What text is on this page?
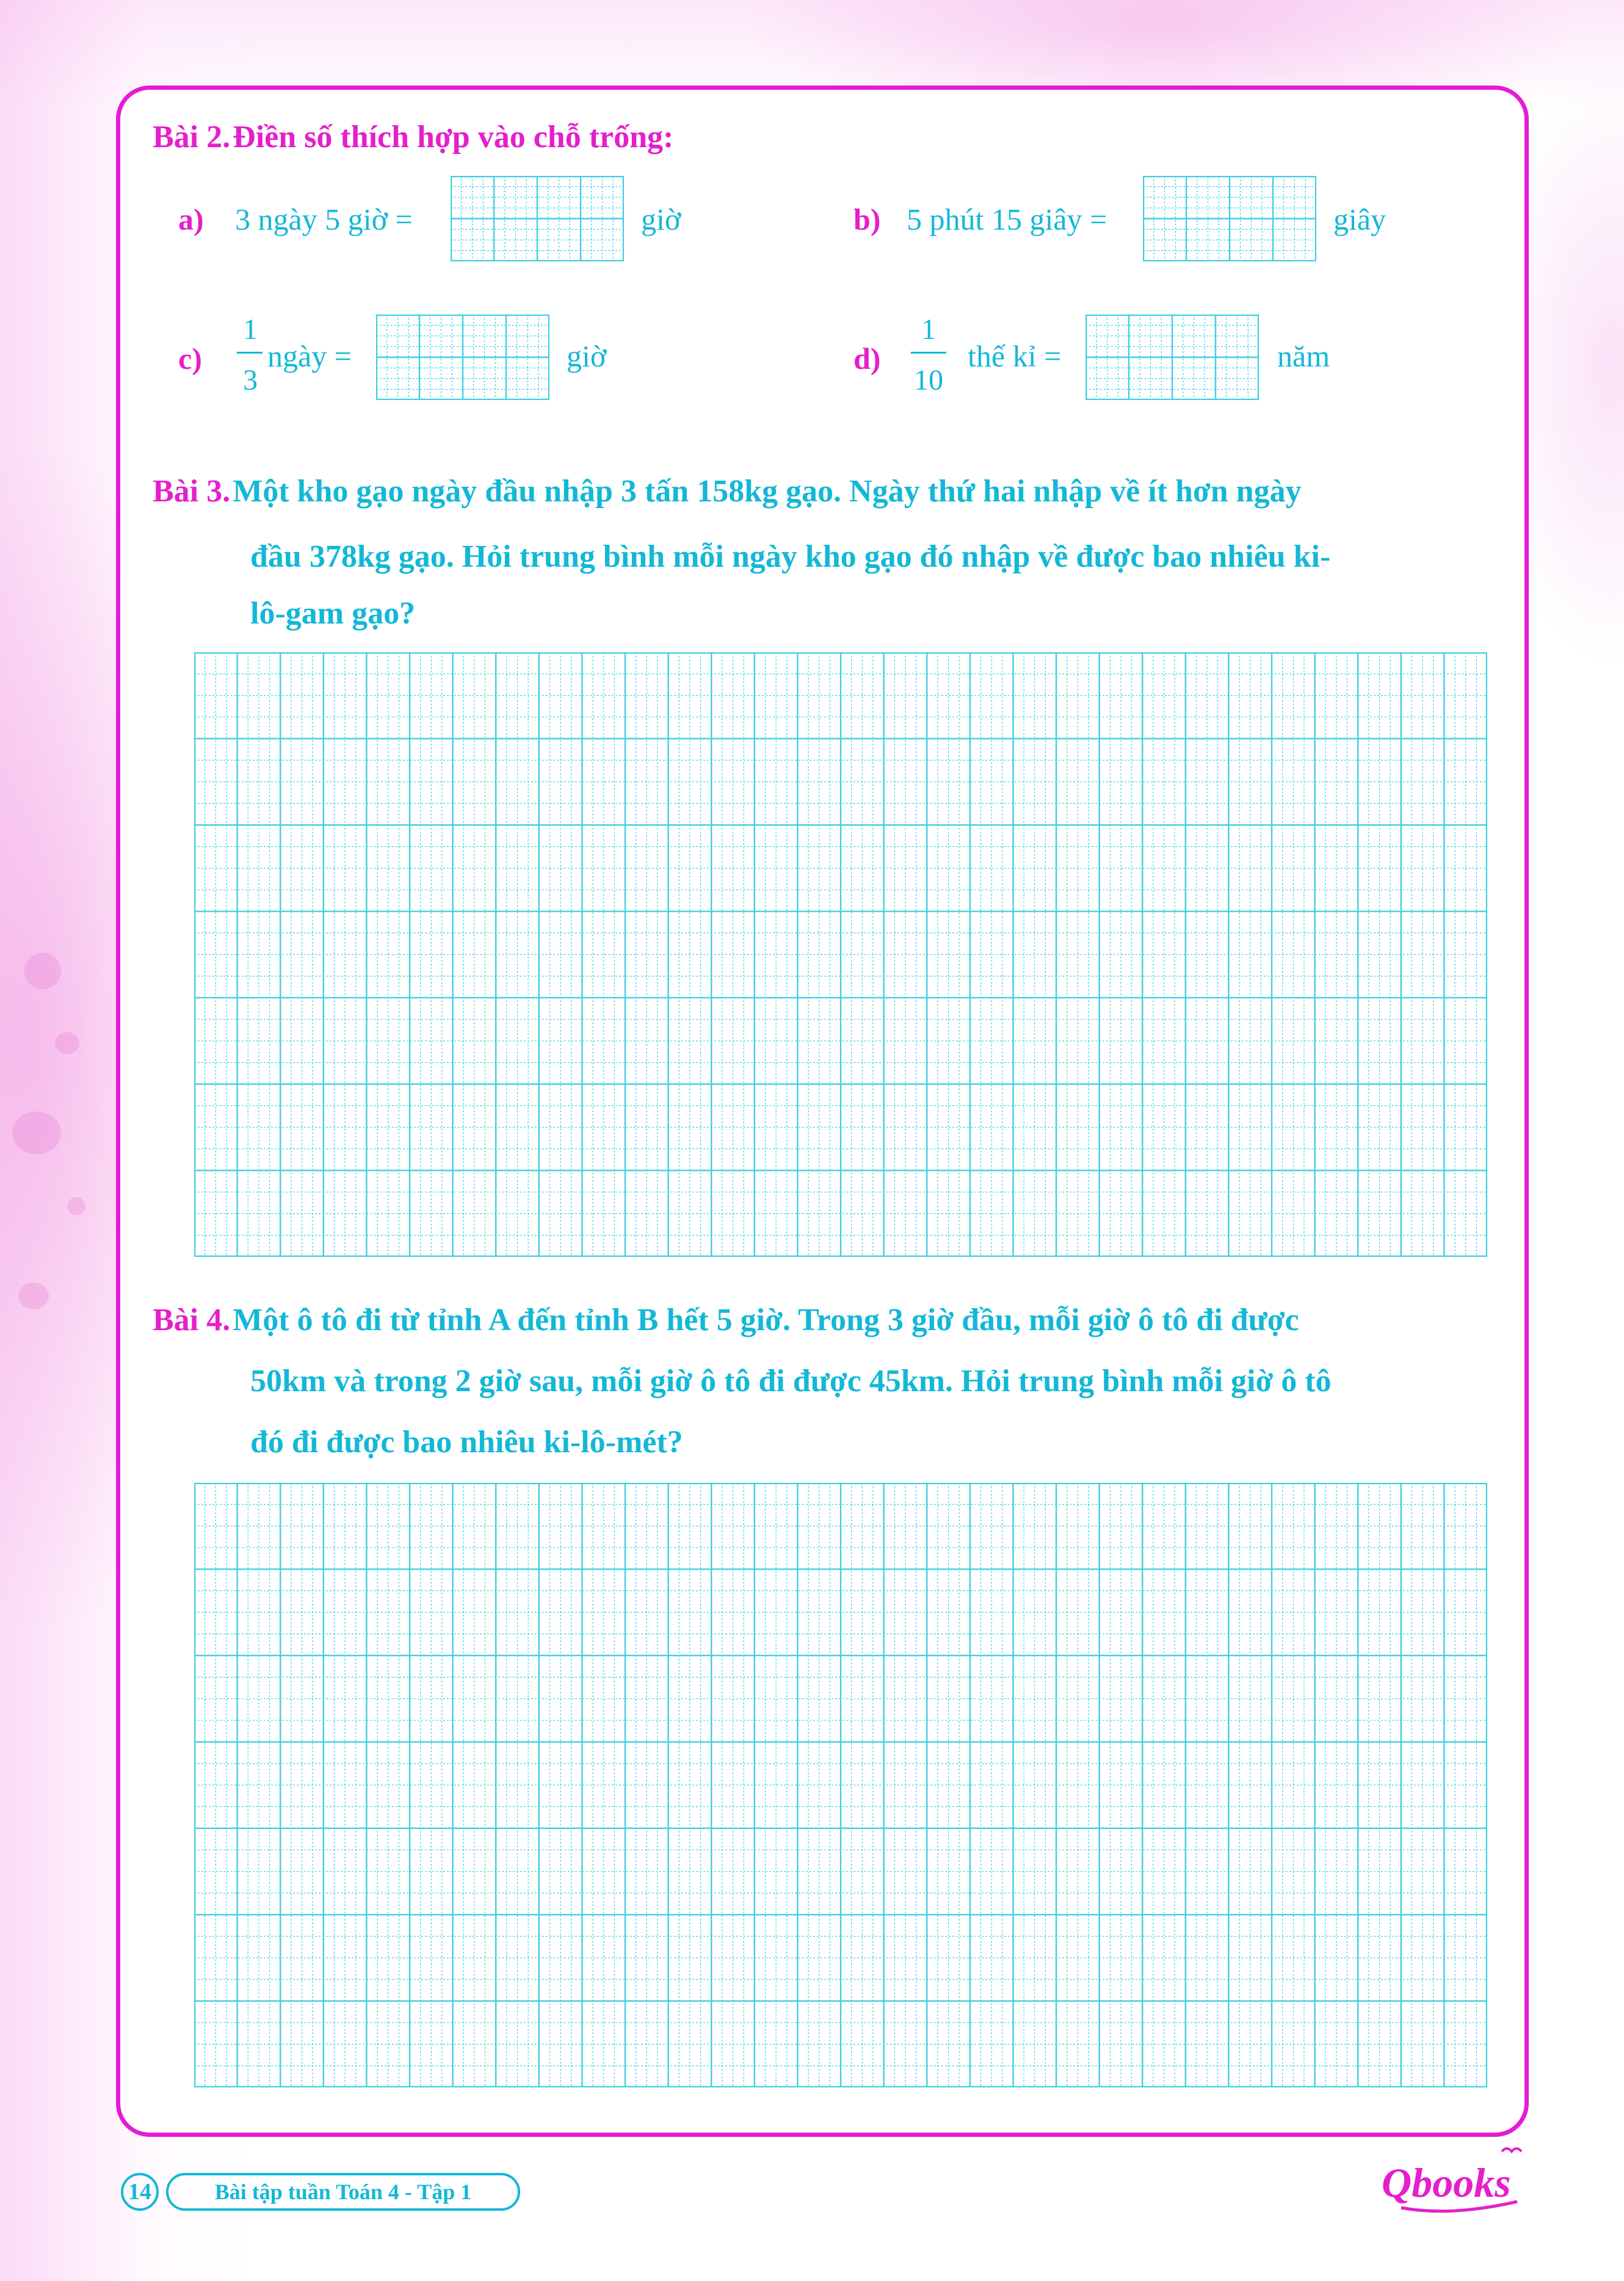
Bài 2. Điền số thích hợp vào chỗ trống:
a) 3 ngày 5 giờ =	giờ	b) 5 phút 15 giây =	giây
c)
1
3
ngày =	giờ	d)
1
10
thế kỉ =	năm
Bài 3. Một kho gạo ngày đầu nhập 3 tấn 158kg gạo. Ngày thứ hai nhập về ít hơn ngày
đầu 378kg gạo. Hỏi trung bình mỗi ngày kho gạo đó nhập về được bao nhiêu ki-
lô-gam gạo?
Bài 4. Một ô tô đi từ tỉnh A đến tỉnh B hết 5 giờ. Trong 3 giờ đầu, mỗi giờ ô tô đi được
50km và trong 2 giờ sau, mỗi giờ ô tô đi được 45km. Hỏi trung bình mỗi giờ ô tô
đó đi được bao nhiêu ki-lô-mét?
14	Bài tập tuần Toán 4 - Tập 1	Qbooks
